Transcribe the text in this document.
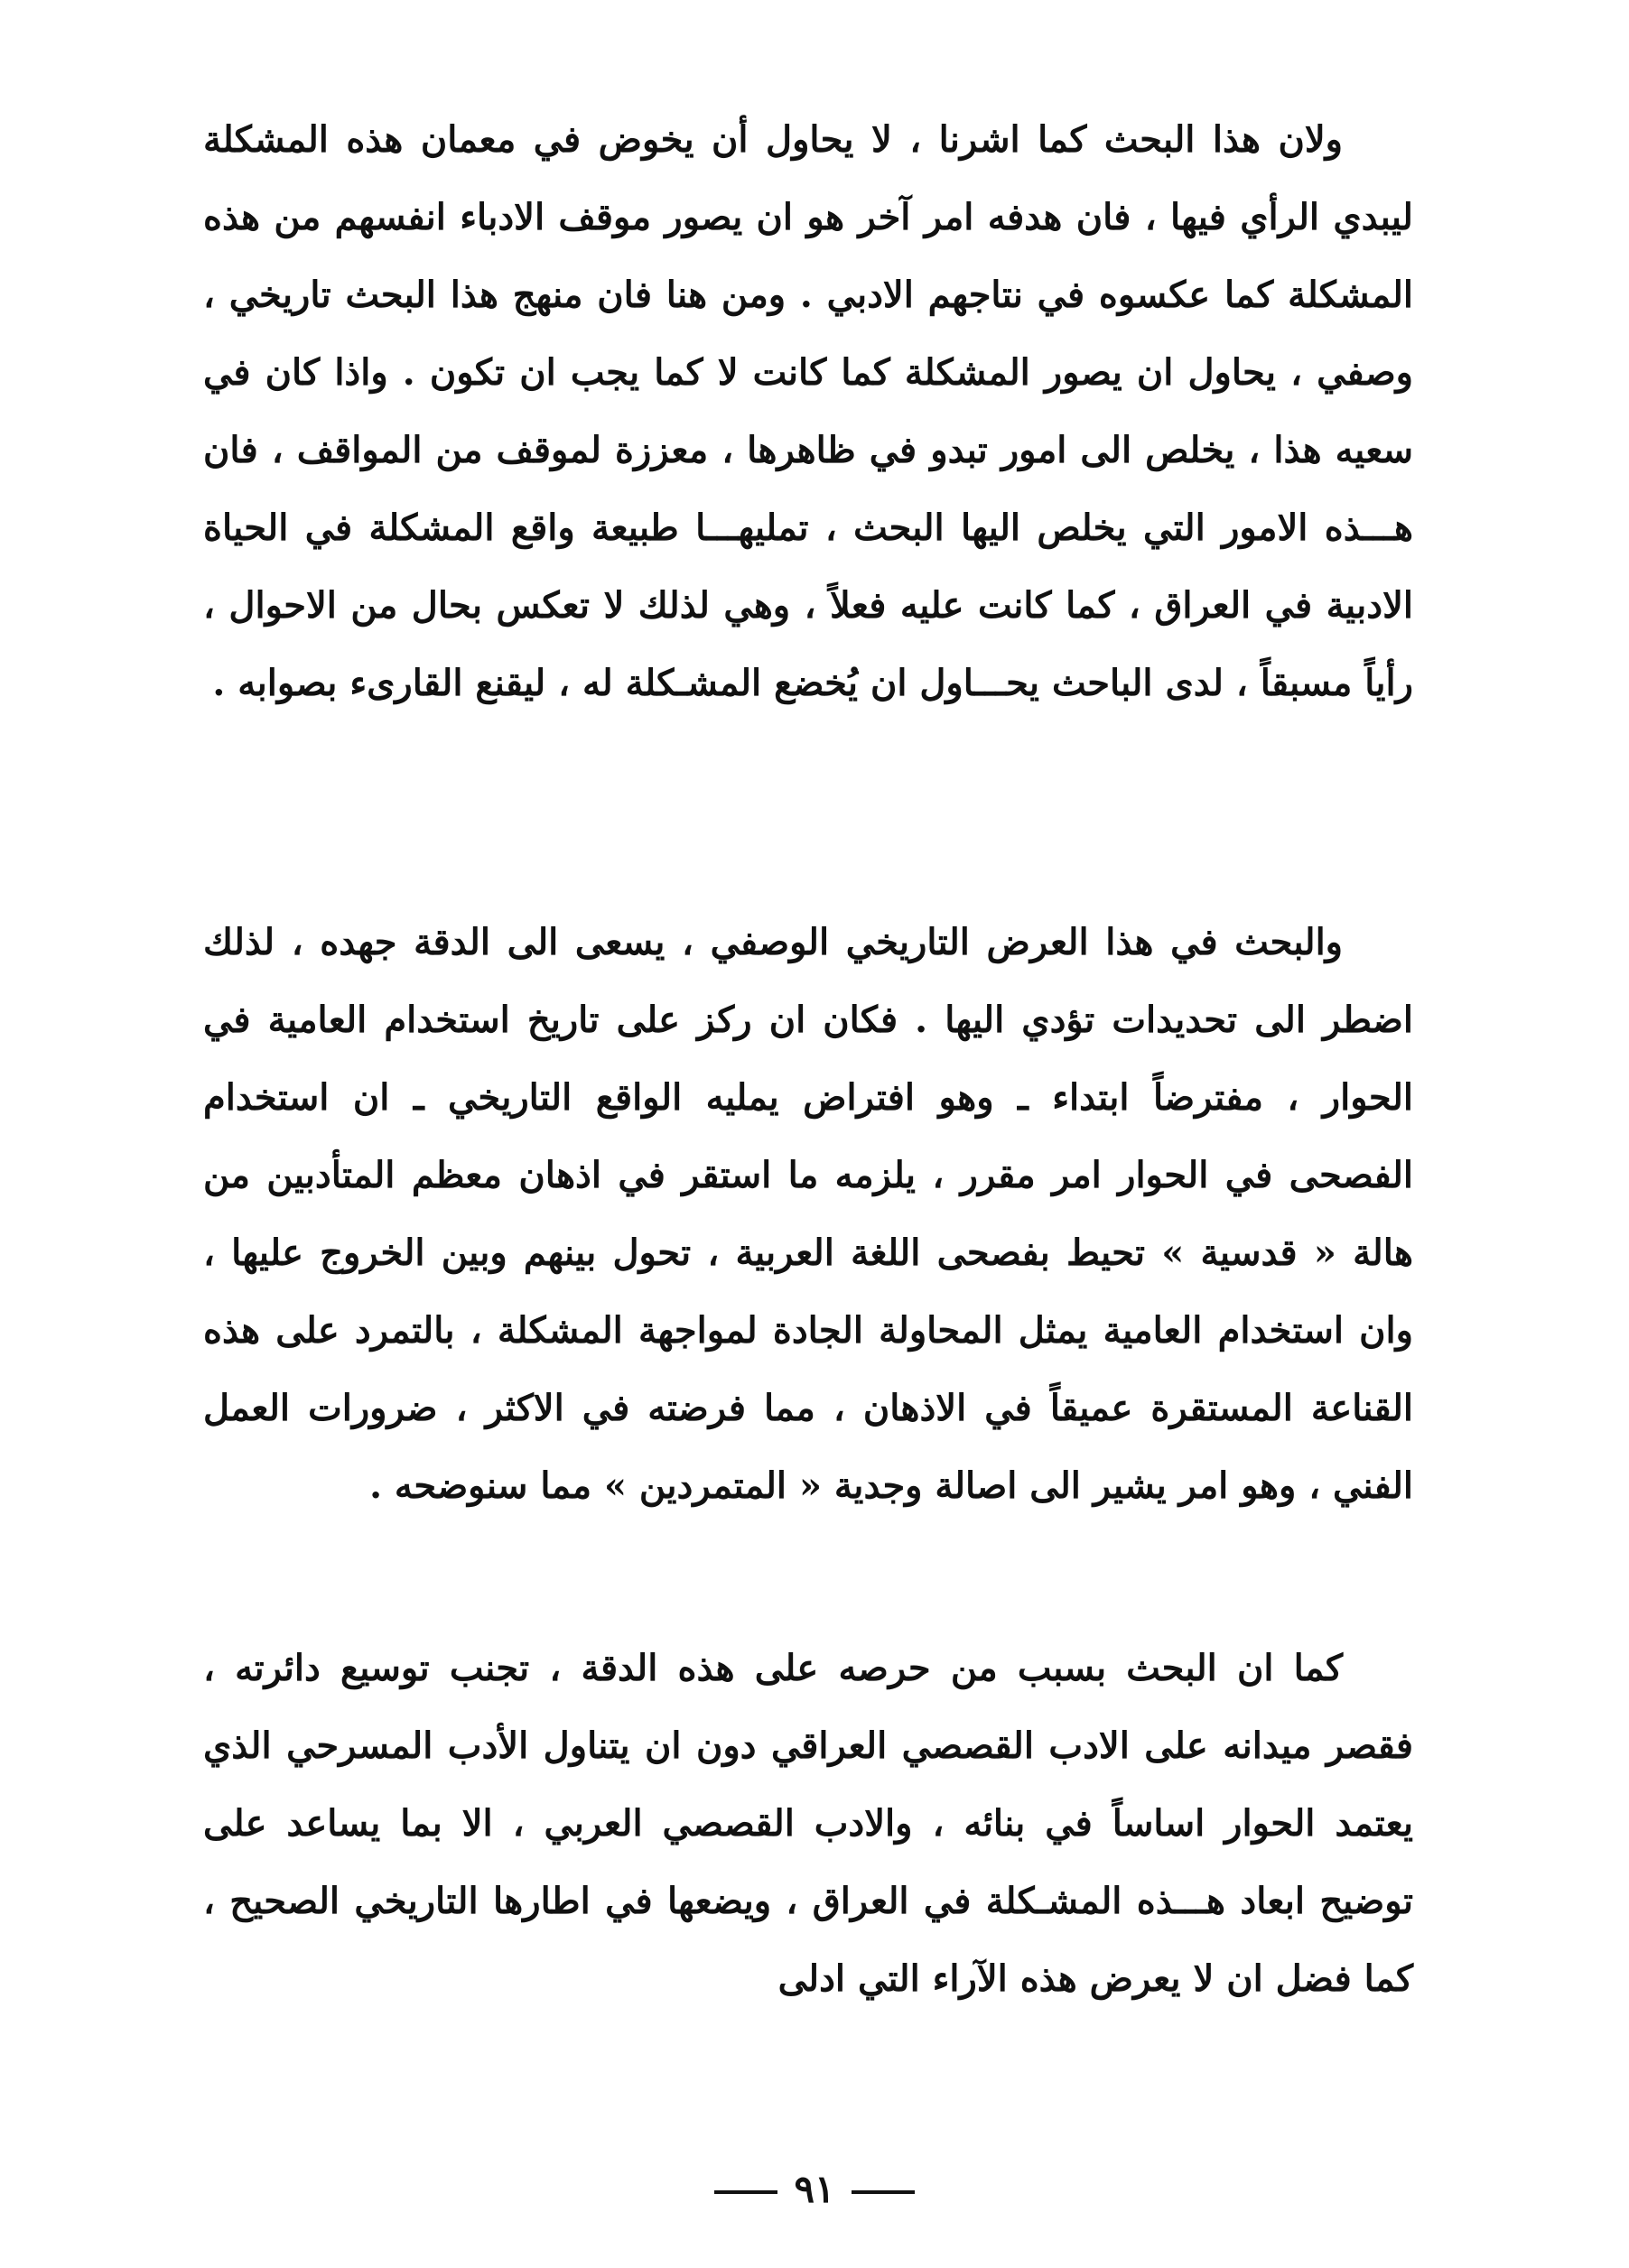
ولان هذا البحث كما اشرنا ، لا يحاول أن يخوض في معمان هذه المشكلة ليبدي الرأي فيها ، فان هدفه امر آخر هو ان يصور موقف الادباء انفسهم من هذه المشكلة كما عكسوه في نتاجهم الادبي . ومن هنا فان منهج هذا البحث تاريخي ، وصفي ، يحاول ان يصور المشكلة كما كانت لا كما يجب ان تكون . واذا كان في سعيه هذا ، يخلص الى امور تبدو في ظاهرها ، معززة لموقف من المواقف ، فان هـــذه الامور التي يخلص اليها البحث ، تمليهـــا طبيعة واقع المشكلة في الحياة الادبية في العراق ، كما كانت عليه فعلاً ، وهي لذلك لا تعكس بحال من الاحوال ، رأياً مسبقاً ، لدى الباحث يحـــاول ان يُخضع المشـكلة له ، ليقنع القارىء بصوابه .

والبحث في هذا العرض التاريخي الوصفي ، يسعى الى الدقة جهده ، لذلك اضطر الى تحديدات تؤدي اليها . فكان ان ركز على تاريخ استخدام العامية في الحوار ، مفترضاً ابتداء ـ وهو افتراض يمليه الواقع التاريخي ـ ان استخدام الفصحى في الحوار امر مقرر ، يلزمه ما استقر في اذهان معظم المتأدبين من هالة « قدسية » تحيط بفصحى اللغة العربية ، تحول بينهم وبين الخروج عليها ، وان استخدام العامية يمثل المحاولة الجادة لمواجهة المشكلة ، بالتمرد على هذه القناعة المستقرة عميقاً في الاذهان ، مما فرضته في الاكثر ، ضرورات العمل الفني ، وهو امر يشير الى اصالة وجدية « المتمردين » مما سنوضحه .

كما ان البحث بسبب من حرصه على هذه الدقة ، تجنب توسيع دائرته ، فقصر ميدانه على الادب القصصي العراقي دون ان يتناول الأدب المسرحي الذي يعتمد الحوار اساساً في بنائه ، والادب القصصي العربي ، الا بما يساعد على توضيح ابعاد هـــذه المشـكلة في العراق ، ويضعها في اطارها التاريخي الصحيح ، كما فضل ان لا يعرض هذه الآراء التي ادلى

٩١
